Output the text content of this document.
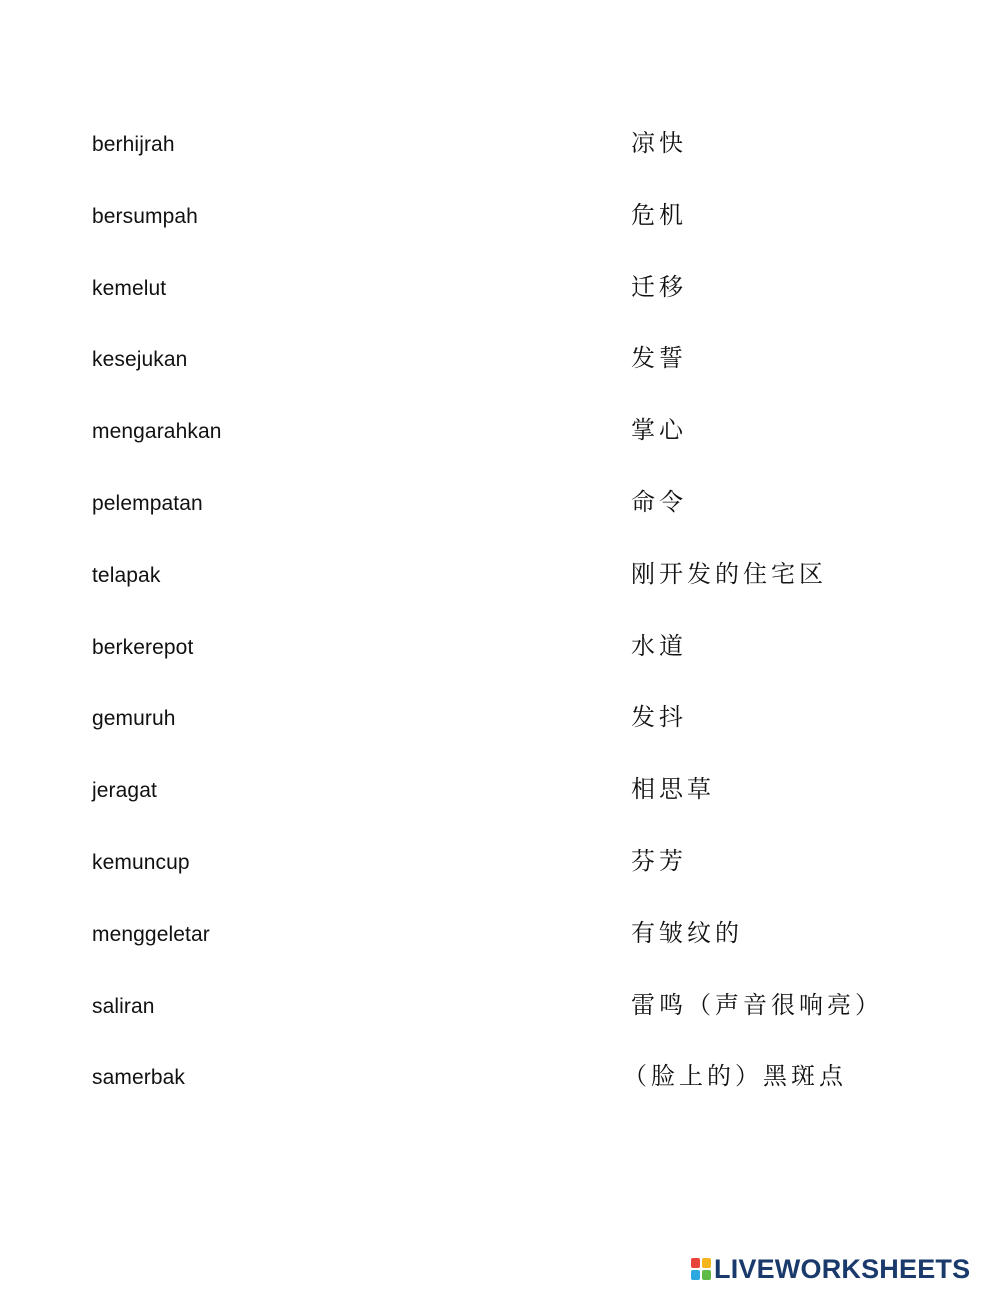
berhijrah
bersumpah
kemelut
kesejukan
mengarahkan
pelempatan
telapak
berkerepot
gemuruh
jeragat
kemuncup
menggeletar
saliran
samerbak
凉快
危机
迁移
发誓
掌心
命令
刚开发的住宅区
水道
发抖
相思草
芬芳
有皱纹的
雷鸣（声音很响亮）
（脸上的）黑斑点
LIVEWORKSHEETS
